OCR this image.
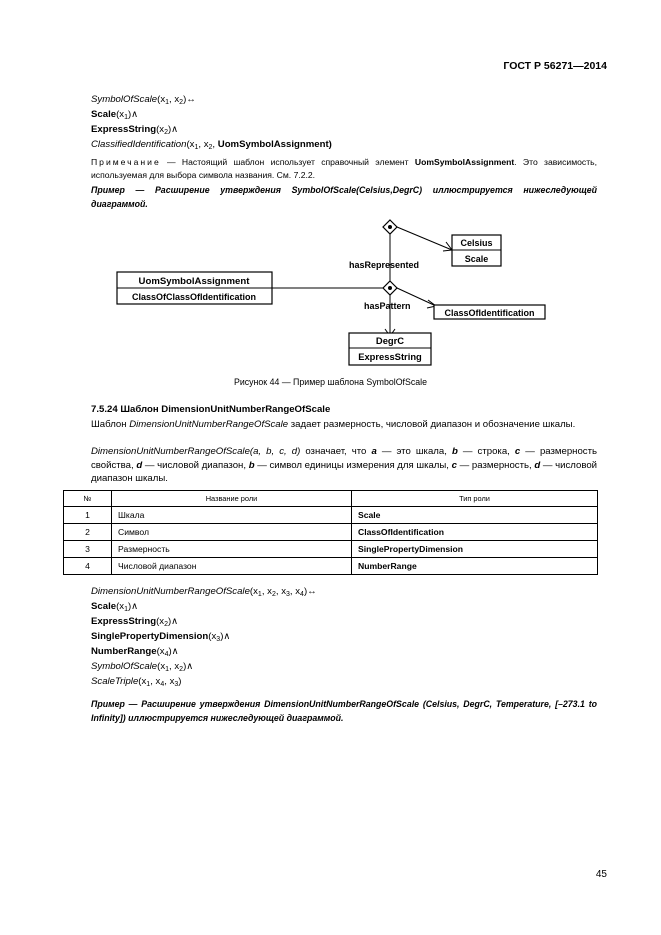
ГОСТ Р 56271—2014
$SymbolOfScale(x_1$, $x_2)\leftrightarrow$
$Scale(x_1)\wedge$
$ExpressString(x_2)\wedge$
$ClassifiedIdentification(x_1$, $x_2$, UomSymbolAssignment)
Примечание — Настоящий шаблон использует справочный элемент UomSymbolAssignment. Это зависимость, используемая для выбора символа названия. См. 7.2.2.
Пример — Расширение утверждения SymbolOfScale(Celsius,DegrC) иллюстрируется нижеследующей диаграммой.
UomSymbolAssignment
ClassOfClassOfIdentification
Celsius
Scale
ClassOfIdentification
DegrC
ExpressString
hasRepresented
hasPattern
Рисунок 44 — Пример шаблона SymbolOfScale
7.5.24 Шаблон DimensionUnitNumberRangeOfScale
Шаблон DimensionUnitNumberRangeOfScale задает размерность, числовой диапазон и обозначение шкалы.
DimensionUnitNumberRangeOfScale(a, b, c, d) означает, что a — это шкала, b — строка, c — размерность свойства, d — числовой диапазон, b — символ единицы измерения для шкалы, c — размерность, d — числовой диапазон шкалы.
№	Название роли	Тип роли
1	Шкала	Scale
2	Символ	ClassOfIdentification
3	Размерность	SinglePropertyDimension
4	Числовой диапазон	NumberRange
$DimensionUnitNumberRangeOfScale(x_1$, $x_2$, $x_3$, $x_4)\leftrightarrow$
$Scale(x_1)\wedge$
$ExpressString(x_2)\wedge$
$SinglePropertyDimension(x_3)\wedge$
$NumberRange(x_4)\wedge$
$SymbolOfScale(x_1$, $x_2)\wedge$
$ScaleTriple(x_1$, $x_4$, $x_3$)
Пример — Расширение утверждения DimensionUnitNumberRangeOfScale (Celsius, DegrC, Temperature, [–273.1 to Infinity]) иллюстрируется нижеследующей диаграммой.
45
